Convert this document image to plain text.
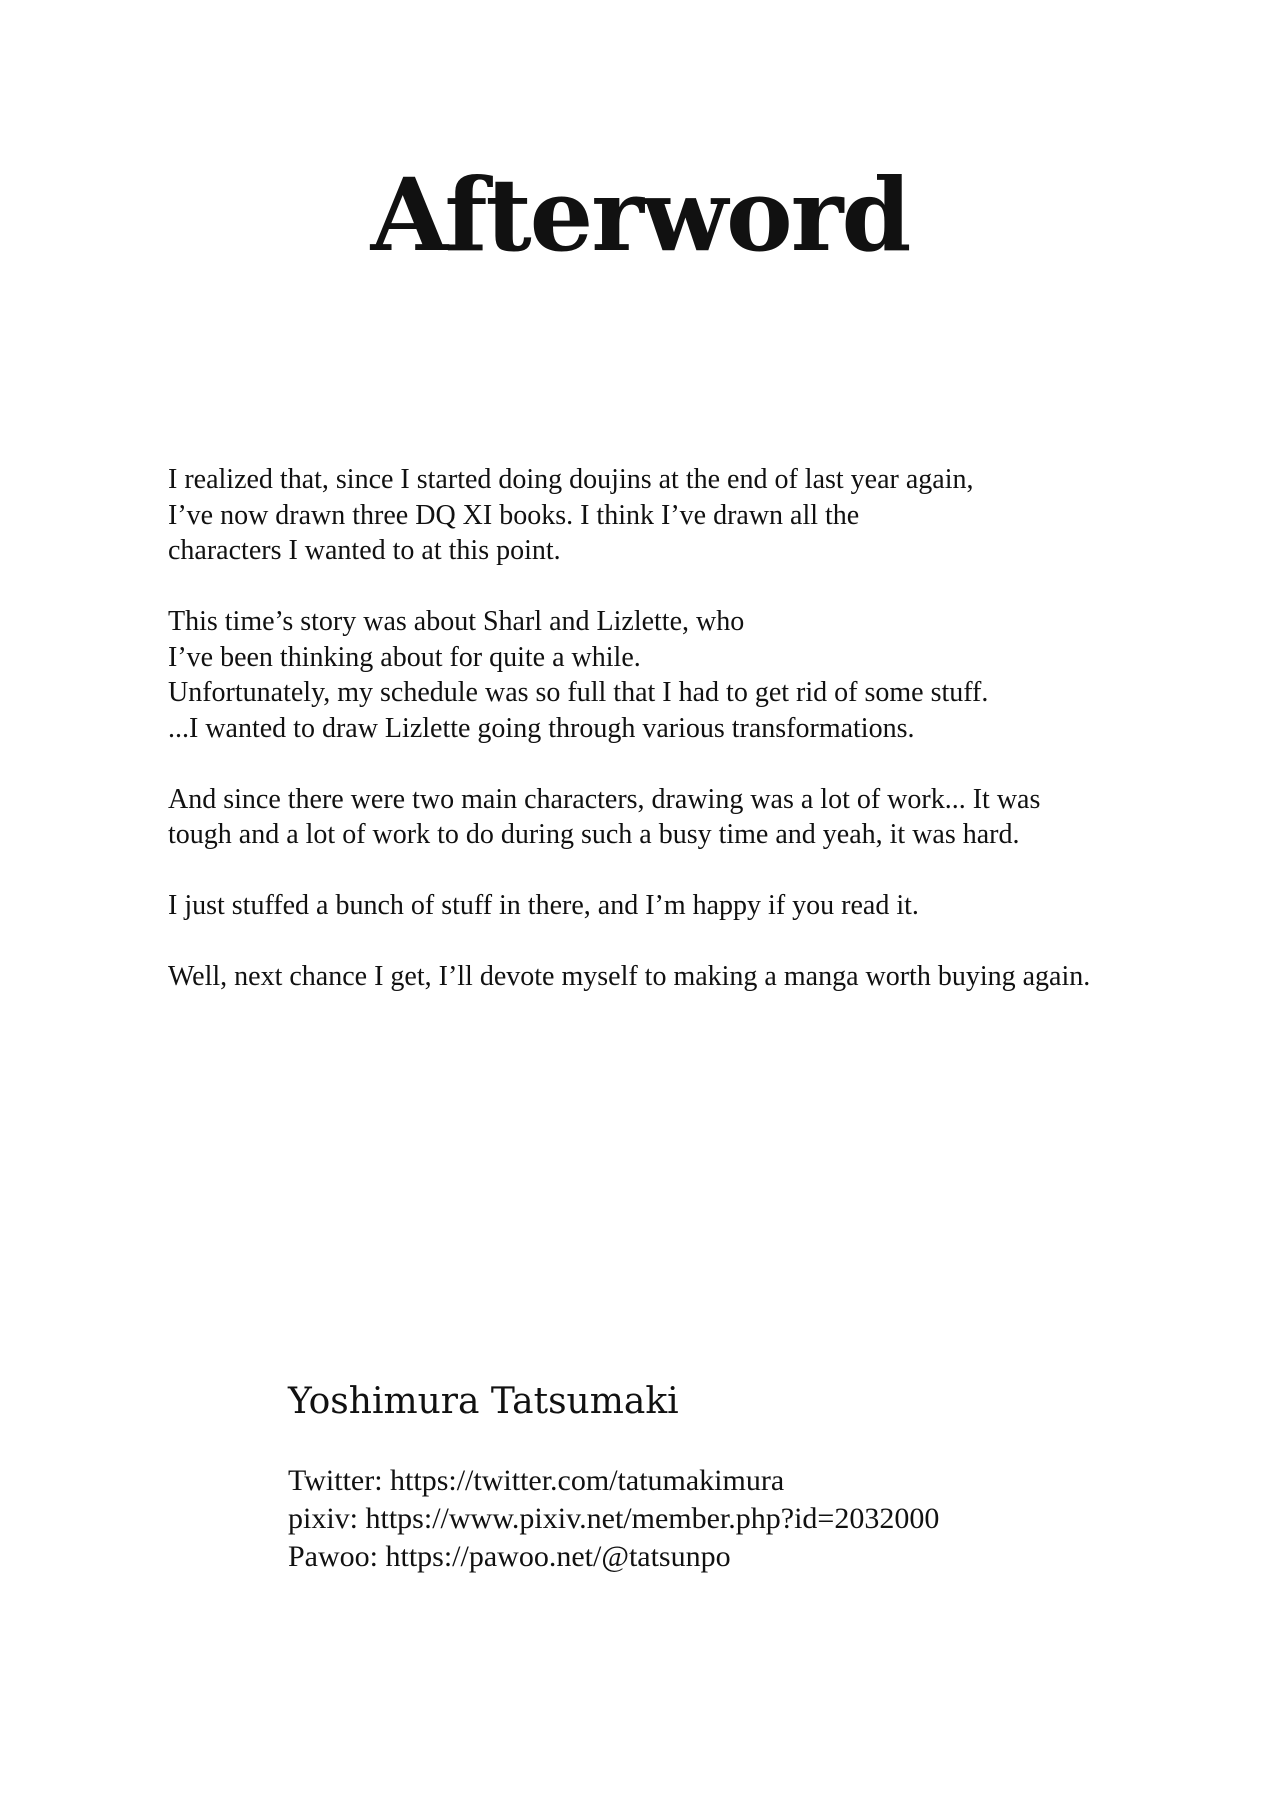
Afterword

I realized that, since I started doing doujins at the end of last year again,
I’ve now drawn three DQ XI books. I think I’ve drawn all the
characters I wanted to at this point.

This time’s story was about Sharl and Lizlette, who
I’ve been thinking about for quite a while.
Unfortunately, my schedule was so full that I had to get rid of some stuff.
...I wanted to draw Lizlette going through various transformations.

And since there were two main characters, drawing was a lot of work... It was
tough and a lot of work to do during such a busy time and yeah, it was hard.

I just stuffed a bunch of stuff in there, and I’m happy if you read it.

Well, next chance I get, I’ll devote myself to making a manga worth buying again.

Yoshimura Tatsumaki
Twitter: https://twitter.com/tatumakimura
pixiv: https://www.pixiv.net/member.php?id=2032000
Pawoo: https://pawoo.net/@tatsunpo
